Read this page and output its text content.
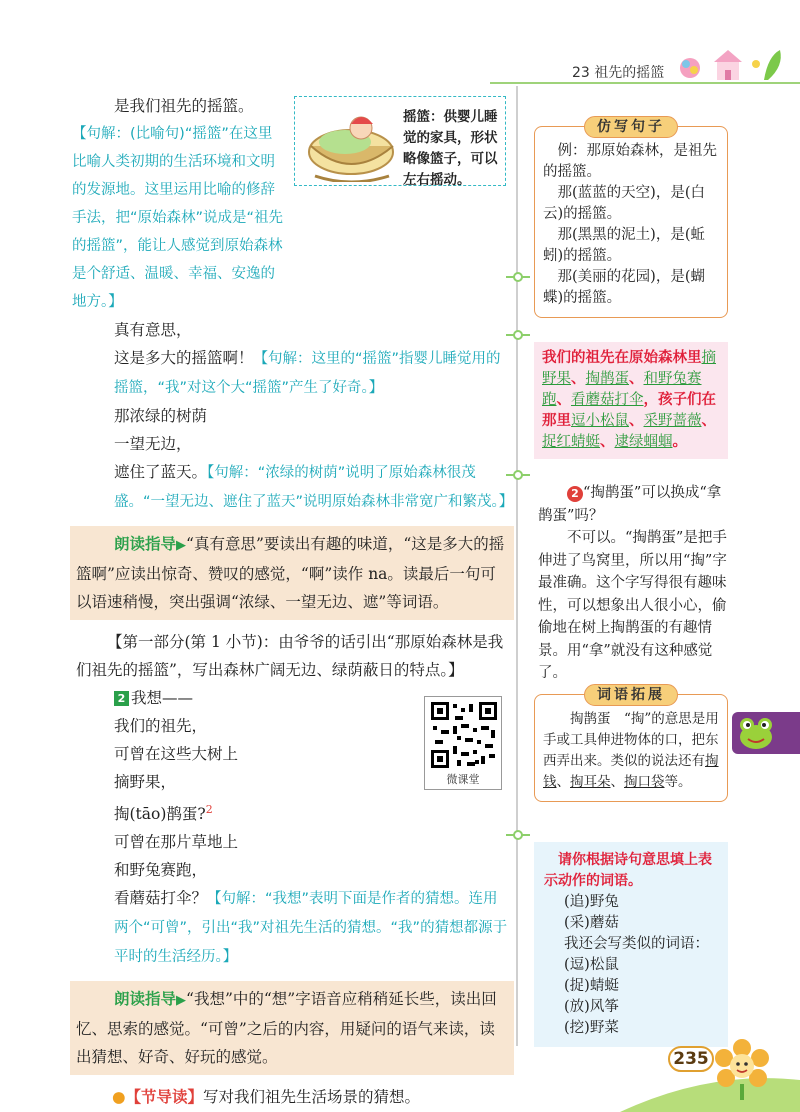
23 祖先的摇篮
摇篮：供婴儿睡觉的家具，形状略像篮子，可以左右摇动。
是我们祖先的摇篮。
【句解：(比喻句)“摇篮”在这里比喻人类初期的生活环境和文明的发源地。这里运用比喻的修辞手法，把“原始森林”说成是“祖先的摇篮”，能让人感觉到原始森林是个舒适、温暖、幸福、安逸的地方。】
真有意思，
这是多大的摇篮啊！【句解：这里的“摇篮”指婴儿睡觉用的摇篮，“我”对这个大“摇篮”产生了好奇。】
那浓绿的树荫
一望无边，
遮住了蓝天。【句解：“浓绿的树荫”说明了原始森林很茂盛。“一望无边、遮住了蓝天”说明原始森林非常宽广和繁茂。】
朗读指导▶“真有意思”要读出有趣的味道，“这是多大的摇篮啊”应读出惊奇、赞叹的感觉，“啊”读作 na。读最后一句可以语速稍慢，突出强调“浓绿、一望无边、遮”等词语。
【第一部分(第 1 小节)：由爷爷的话引出“那原始森林是我们祖先的摇篮”，写出森林广阔无边、绿荫蔽日的特点。】
2 我想——
我们的祖先，
可曾在这些大树上
摘野果，
掏(tāo)鹊蛋?$^2$
可曾在那片草地上
和野兔赛跑，
看蘑菇打伞？【句解：“我想”表明下面是作者的猜想。连用两个“可曾”，引出“我”对祖先生活的猜想。“我”的猜想都源于平时的生活经历。】
朗读指导▶“我想”中的“想”字语音应稍稍延长些，读出回忆、思索的感觉。“可曾”之后的内容，用疑问的语气来读，读出猜想、好奇、好玩的感觉。
●【节导读】写对我们祖先生活场景的猜想。
微课堂
仿写句子
例：那原始森林，是祖先的摇篮。
那(蓝蓝的天空)，是(白云)的摇篮。
那(黑黑的泥土)，是(蚯蚓)的摇篮。
那(美丽的花园)，是(蝴蝶)的摇篮。
我们的祖先在原始森林里摘野果、掏鹊蛋、和野兔赛跑、看蘑菇打伞，孩子们在那里逗小松鼠、采野蔷薇、捉红蜻蜓、逮绿蝈蝈。
2 “掏鹊蛋”可以换成“拿鹊蛋”吗？
不可以。“掏鹊蛋”是把手伸进了鸟窝里，所以用“掏”字最准确。这个字写得很有趣味性，可以想象出人很小心，偷偷地在树上掏鹊蛋的有趣情景。用“拿”就没有这种感觉了。
词语拓展
掏鹊蛋　“掏”的意思是用手或工具伸进物体的口，把东西弄出来。类似的说法还有掏钱、掏耳朵、掏口袋等。
请你根据诗句意思填上表示动作的词语。
(追)野兔
(采)蘑菇
我还会写类似的词语：
(逗)松鼠
(捉)蜻蜓
(放)风筝
(挖)野菜
235
